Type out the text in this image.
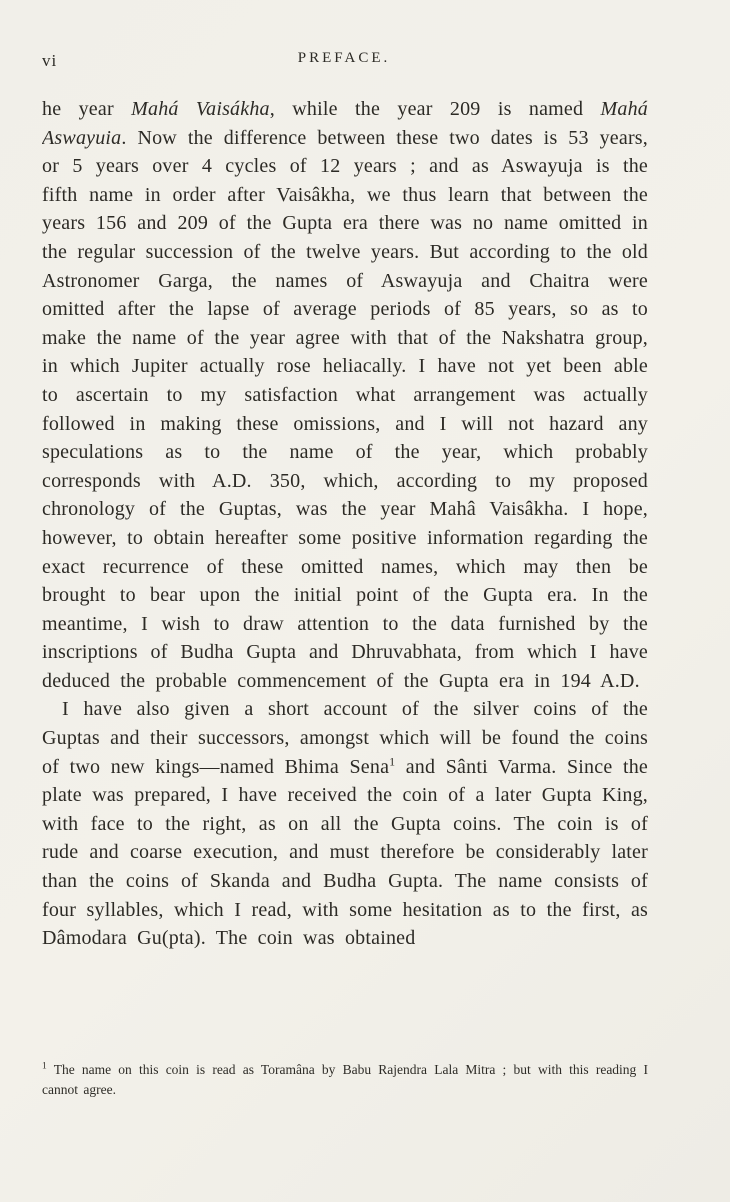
vi	PREFACE.

he year Mahá Vaisákha, while the year 209 is named Mahá Aswayuia. Now the difference between these two dates is 53 years, or 5 years over 4 cycles of 12 years ; and as Aswayuja is the fifth name in order after Vaisâkha, we thus learn that between the years 156 and 209 of the Gupta era there was no name omitted in the regular succession of the twelve years. But according to the old Astronomer Garga, the names of Aswayuja and Chaitra were omitted after the lapse of average periods of 85 years, so as to make the name of the year agree with that of the Nakshatra group, in which Jupiter actually rose heliacally. I have not yet been able to ascertain to my satisfaction what arrangement was actually followed in making these omissions, and I will not hazard any speculations as to the name of the year, which probably corresponds with A.D. 350, which, according to my proposed chronology of the Guptas, was the year Mahâ Vaisâkha. I hope, however, to obtain hereafter some positive information regarding the exact recurrence of these omitted names, which may then be brought to bear upon the initial point of the Gupta era. In the meantime, I wish to draw attention to the data furnished by the inscriptions of Budha Gupta and Dhruvabhata, from which I have deduced the probable commencement of the Gupta era in 194 A.D.

I have also given a short account of the silver coins of the Guptas and their successors, amongst which will be found the coins of two new kings—named Bhima Sena$^1$ and Sânti Varma. Since the plate was prepared, I have received the coin of a later Gupta King, with face to the right, as on all the Gupta coins. The coin is of rude and coarse execution, and must therefore be considerably later than the coins of Skanda and Budha Gupta. The name consists of four syllables, which I read, with some hesitation as to the first, as Dâmodara Gu(pta). The coin was obtained

$^1$ The name on this coin is read as Toramâna by Babu Rajendra Lala Mitra ; but with this reading I cannot agree.
